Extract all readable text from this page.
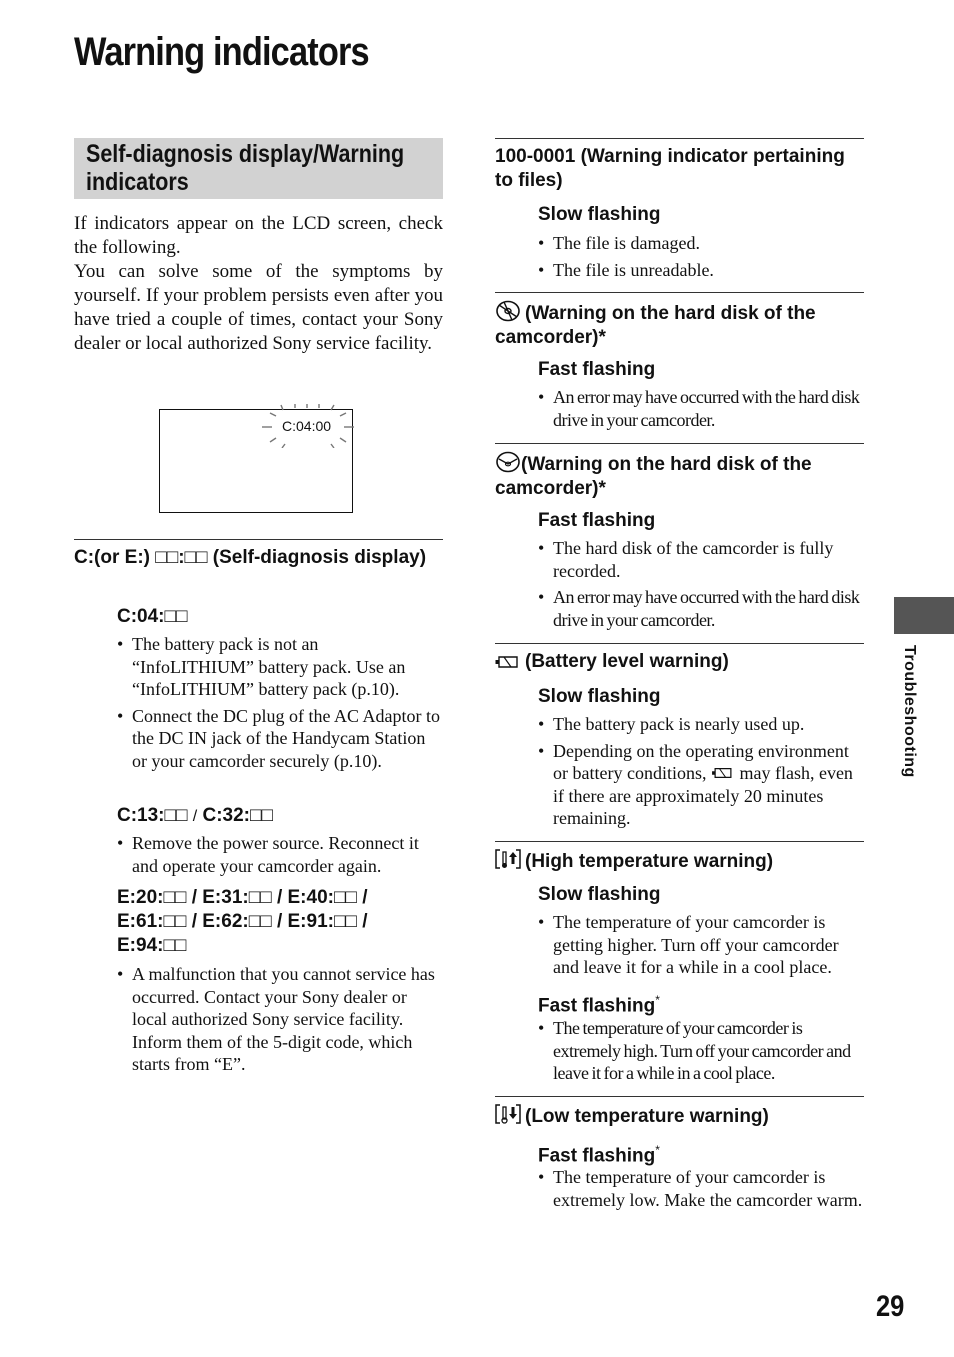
Warning indicators
Self-diagnosis display/Warning indicators

If indicators appear on the LCD screen, check the following.

You can solve some of the symptoms by yourself. If your problem persists even after you have tried a couple of times, contact your Sony dealer or local authorized Sony service facility.

C:04:00
C:(or E:) □□:□□ (Self-diagnosis display)
C:04:□□
• The battery pack is not an “InfoLITHIUM” battery pack. Use an “InfoLITHIUM” battery pack (p.10).
• Connect the DC plug of the AC Adaptor to the DC IN jack of the Handycam Station or your camcorder securely (p.10).
C:13:□□ / C:32:□□
• Remove the power source. Reconnect it and operate your camcorder again.
E:20:□□ / E:31:□□ / E:40:□□ /
E:61:□□ / E:62:□□ / E:91:□□ /
E:94:□□
• A malfunction that you cannot service has occurred. Contact your Sony dealer or local authorized Sony service facility. Inform them of the 5-digit code, which starts from “E”.
100-0001 (Warning indicator pertaining to files)
Slow flashing
• The file is damaged.
• The file is unreadable.
(Warning on the hard disk of the camcorder)*
Fast flashing
• An error may have occurred with the hard disk drive in your camcorder.
(Warning on the hard disk of the camcorder)*
Fast flashing
• The hard disk of the camcorder is fully recorded.
• An error may have occurred with the hard disk drive in your camcorder.
(Battery level warning)
Slow flashing
• The battery pack is nearly used up.
• Depending on the operating environment or battery conditions, may flash, even if there are approximately 20 minutes remaining.
(High temperature warning)
Slow flashing
• The temperature of your camcorder is getting higher. Turn off your camcorder and leave it for a while in a cool place.
Fast flashing*
• The temperature of your camcorder is extremely high. Turn off your camcorder and leave it for a while in a cool place.
(Low temperature warning)
Fast flashing*
• The temperature of your camcorder is extremely low. Make the camcorder warm.
Troubleshooting
29
